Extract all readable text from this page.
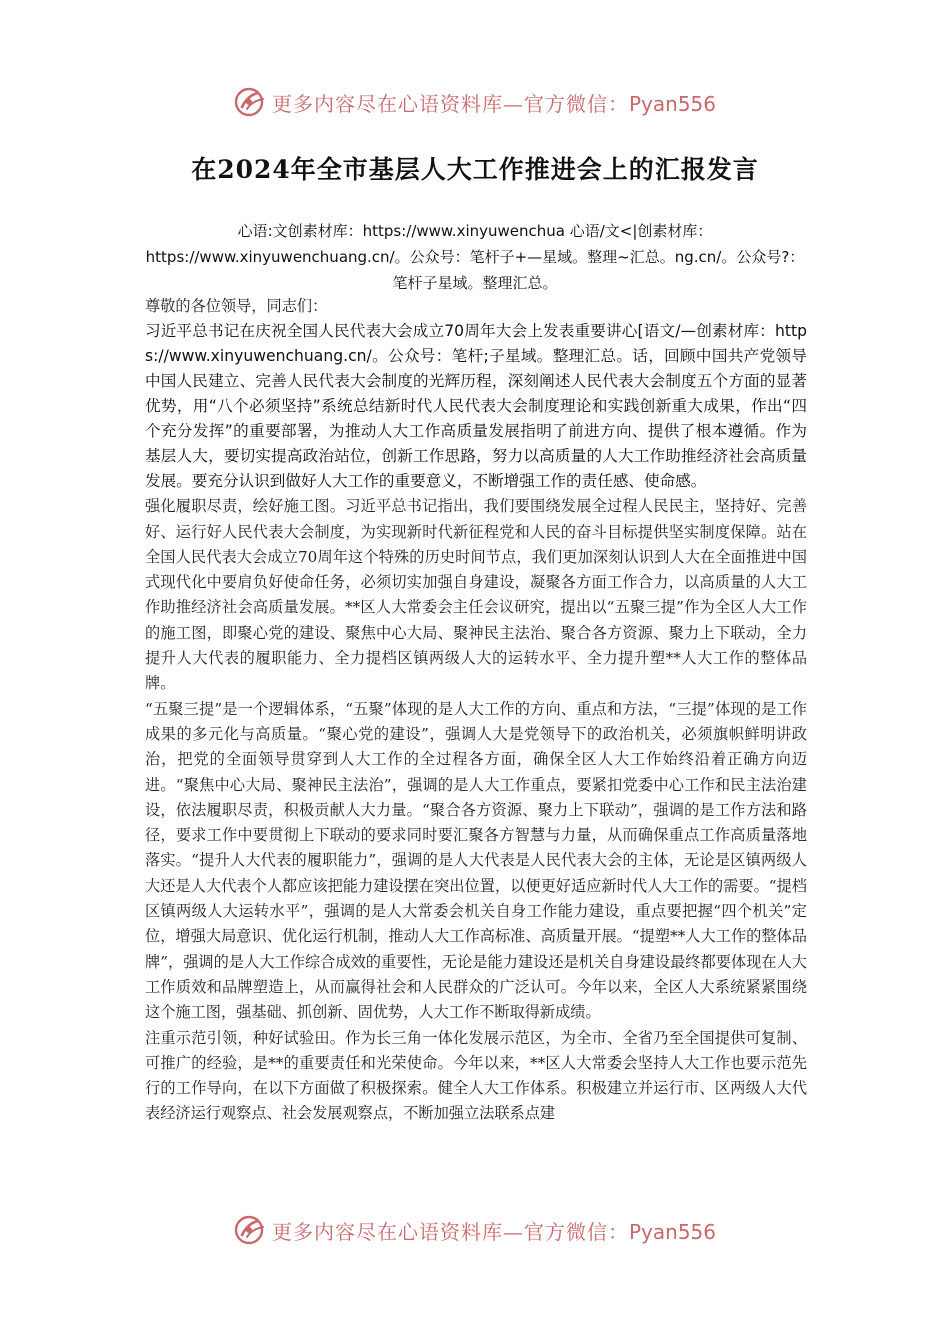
更多内容尽在心语资料库—官方微信：Pyan556
在2024年全市基层人大工作推进会上的汇报发言

心语:文创素材库：https://www.xinyuwenchua 心语/文<|创素材库：https://www.xinyuwenchuang.cn/。公众号：笔杆子+—星域。整理~汇总。ng.cn/。公众号?：笔杆子星域。整理汇总。

尊敬的各位领导，同志们：

习近平总书记在庆祝全国人民代表大会成立70周年大会上发表重要讲心[语文/—创素材库：https://www.xinyuwenchuang.cn/。公众号：笔杆;子星域。整理汇总。话，回顾中国共产党领导中国人民建立、完善人民代表大会制度的光辉历程，深刻阐述人民代表大会制度五个方面的显著优势，用“八个必须坚持”系统总结新时代人民代表大会制度理论和实践创新重大成果，作出“四个充分发挥”的重要部署，为推动人大工作高质量发展指明了前进方向、提供了根本遵循。作为基层人大，要切实提高政治站位，创新工作思路，努力以高质量的人大工作助推经济社会高质量发展。要充分认识到做好人大工作的重要意义，不断增强工作的责任感、使命感。

强化履职尽责，绘好施工图。习近平总书记指出，我们要围绕发展全过程人民民主，坚持好、完善好、运行好人民代表大会制度，为实现新时代新征程党和人民的奋斗目标提供坚实制度保障。站在全国人民代表大会成立70周年这个特殊的历史时间节点，我们更加深刻认识到人大在全面推进中国式现代化中要肩负好使命任务，必须切实加强自身建设，凝聚各方面工作合力，以高质量的人大工作助推经济社会高质量发展。**区人大常委会主任会议研究，提出以“五聚三提”作为全区人大工作的施工图，即聚心党的建设、聚焦中心大局、聚神民主法治、聚合各方资源、聚力上下联动，全力提升人大代表的履职能力、全力提档区镇两级人大的运转水平、全力提升塑**人大工作的整体品牌。

“五聚三提”是一个逻辑体系，“五聚”体现的是人大工作的方向、重点和方法，“三提”体现的是工作成果的多元化与高质量。“聚心党的建设”，强调人大是党领导下的政治机关，必须旗帜鲜明讲政治，把党的全面领导贯穿到人大工作的全过程各方面，确保全区人大工作始终沿着正确方向迈进。“聚焦中心大局、聚神民主法治”，强调的是人大工作重点，要紧扣党委中心工作和民主法治建设，依法履职尽责，积极贡献人大力量。“聚合各方资源、聚力上下联动”，强调的是工作方法和路径，要求工作中要贯彻上下联动的要求同时要汇聚各方智慧与力量，从而确保重点工作高质量落地落实。“提升人大代表的履职能力”，强调的是人大代表是人民代表大会的主体，无论是区镇两级人大还是人大代表个人都应该把能力建设摆在突出位置，以便更好适应新时代人大工作的需要。“提档区镇两级人大运转水平”，强调的是人大常委会机关自身工作能力建设，重点要把握“四个机关”定位，增强大局意识、优化运行机制，推动人大工作高标准、高质量开展。“提塑**人大工作的整体品牌”，强调的是人大工作综合成效的重要性，无论是能力建设还是机关自身建设最终都要体现在人大工作质效和品牌塑造上，从而赢得社会和人民群众的广泛认可。今年以来，全区人大系统紧紧围绕这个施工图，强基础、抓创新、固优势，人大工作不断取得新成绩。

注重示范引领，种好试验田。作为长三角一体化发展示范区，为全市、全省乃至全国提供可复制、可推广的经验，是**的重要责任和光荣使命。今年以来，**区人大常委会坚持人大工作也要示范先行的工作导向，在以下方面做了积极探索。健全人大工作体系。积极建立并运行市、区两级人大代表经济运行观察点、社会发展观察点，不断加强立法联系点建

更多内容尽在心语资料库—官方微信：Pyan556
